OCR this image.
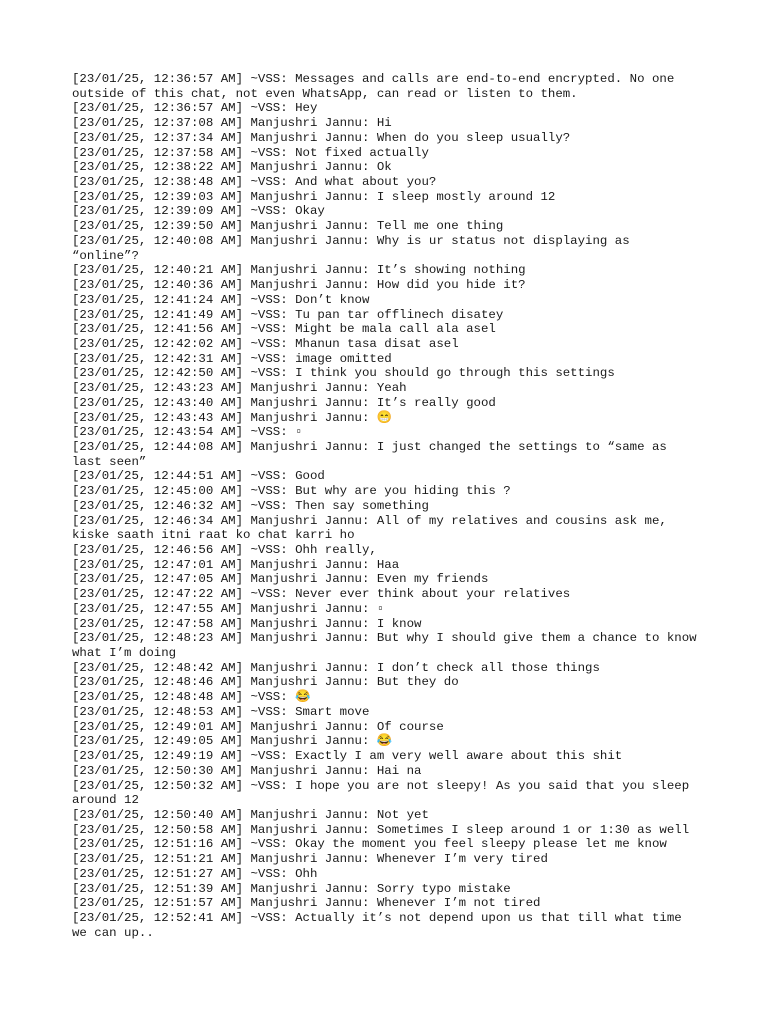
[23/01/25, 12:36:57 AM] ~VSS: Messages and calls are end-to-end encrypted. No one outside of this chat, not even WhatsApp, can read or listen to them.

[23/01/25, 12:36:57 AM] ~VSS: Hey

[23/01/25, 12:37:08 AM] Manjushri Jannu: Hi

[23/01/25, 12:37:34 AM] Manjushri Jannu: When do you sleep usually?

[23/01/25, 12:37:58 AM] ~VSS: Not fixed actually

[23/01/25, 12:38:22 AM] Manjushri Jannu: Ok

[23/01/25, 12:38:48 AM] ~VSS: And what about you?

[23/01/25, 12:39:03 AM] Manjushri Jannu: I sleep mostly around 12

[23/01/25, 12:39:09 AM] ~VSS: Okay

[23/01/25, 12:39:50 AM] Manjushri Jannu: Tell me one thing

[23/01/25, 12:40:08 AM] Manjushri Jannu: Why is ur status not displaying as “online”?

[23/01/25, 12:40:21 AM] Manjushri Jannu: It’s showing nothing

[23/01/25, 12:40:36 AM] Manjushri Jannu: How did you hide it?

[23/01/25, 12:41:24 AM] ~VSS: Don’t know

[23/01/25, 12:41:49 AM] ~VSS: Tu pan tar offlinech disatey

[23/01/25, 12:41:56 AM] ~VSS: Might be mala call ala asel

[23/01/25, 12:42:02 AM] ~VSS: Mhanun tasa disat asel

[23/01/25, 12:42:31 AM] ~VSS: image omitted

[23/01/25, 12:42:50 AM] ~VSS: I think you should go through this settings

[23/01/25, 12:43:23 AM] Manjushri Jannu: Yeah

[23/01/25, 12:43:40 AM] Manjushri Jannu: It’s really good

[23/01/25, 12:43:43 AM] Manjushri Jannu: 😁

[23/01/25, 12:43:54 AM] ~VSS: ▫

[23/01/25, 12:44:08 AM] Manjushri Jannu: I just changed the settings to “same as last seen”

[23/01/25, 12:44:51 AM] ~VSS: Good

[23/01/25, 12:45:00 AM] ~VSS: But why are you hiding this ?

[23/01/25, 12:46:32 AM] ~VSS: Then say something

[23/01/25, 12:46:34 AM] Manjushri Jannu: All of my relatives and cousins ask me, kiske saath itni raat ko chat karri ho

[23/01/25, 12:46:56 AM] ~VSS: Ohh really,

[23/01/25, 12:47:01 AM] Manjushri Jannu: Haa

[23/01/25, 12:47:05 AM] Manjushri Jannu: Even my friends

[23/01/25, 12:47:22 AM] ~VSS: Never ever think about your relatives

[23/01/25, 12:47:55 AM] Manjushri Jannu: ▫

[23/01/25, 12:47:58 AM] Manjushri Jannu: I know

[23/01/25, 12:48:23 AM] Manjushri Jannu: But why I should give them a chance to know what I’m doing

[23/01/25, 12:48:42 AM] Manjushri Jannu: I don’t check all those things

[23/01/25, 12:48:46 AM] Manjushri Jannu: But they do

[23/01/25, 12:48:48 AM] ~VSS: 😂

[23/01/25, 12:48:53 AM] ~VSS: Smart move

[23/01/25, 12:49:01 AM] Manjushri Jannu: Of course

[23/01/25, 12:49:05 AM] Manjushri Jannu: 😂

[23/01/25, 12:49:19 AM] ~VSS: Exactly I am very well aware about this shit

[23/01/25, 12:50:30 AM] Manjushri Jannu: Hai na

[23/01/25, 12:50:32 AM] ~VSS: I hope you are not sleepy! As you said that you sleep around 12

[23/01/25, 12:50:40 AM] Manjushri Jannu: Not yet

[23/01/25, 12:50:58 AM] Manjushri Jannu: Sometimes I sleep around 1 or 1:30 as well

[23/01/25, 12:51:16 AM] ~VSS: Okay the moment you feel sleepy please let me know

[23/01/25, 12:51:21 AM] Manjushri Jannu: Whenever I’m very tired

[23/01/25, 12:51:27 AM] ~VSS: Ohh

[23/01/25, 12:51:39 AM] Manjushri Jannu: Sorry typo mistake

[23/01/25, 12:51:57 AM] Manjushri Jannu: Whenever I’m not tired

[23/01/25, 12:52:41 AM] ~VSS: Actually it’s not depend upon us that till what time we can up..
